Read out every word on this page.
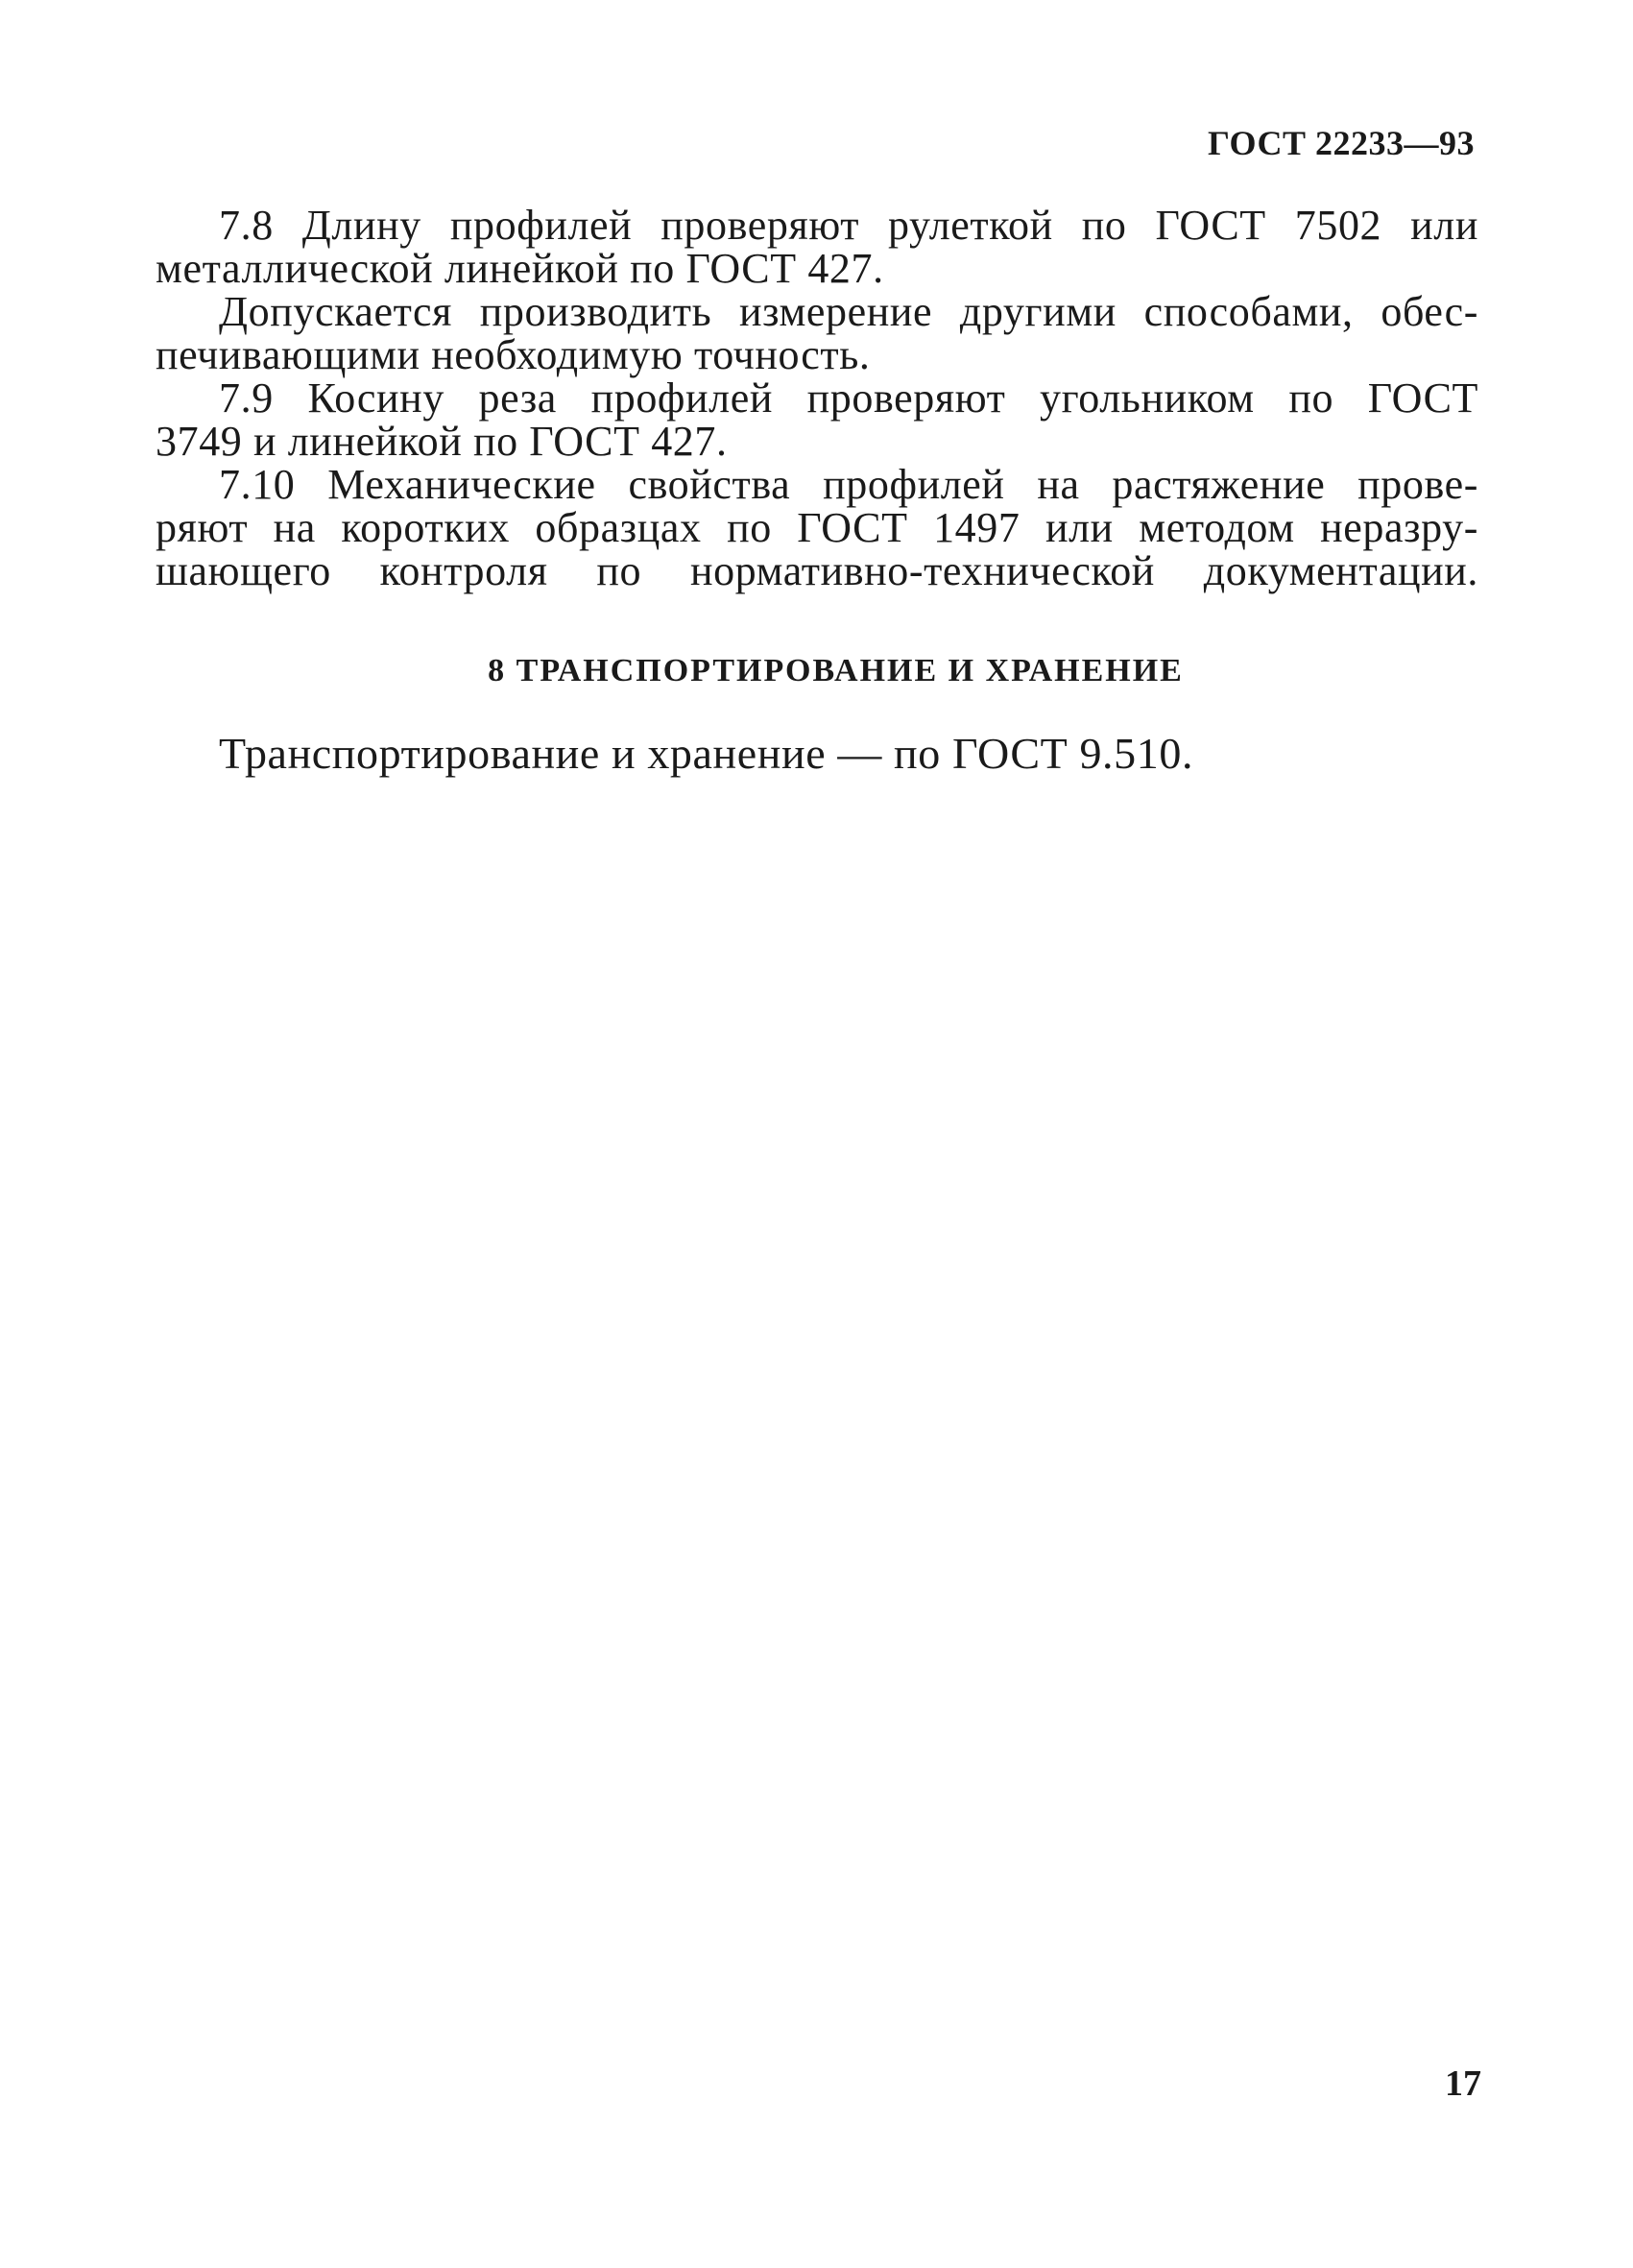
ГОСТ 22233—93

7.8 Длину профилей проверяют рулеткой по ГОСТ 7502 или
металлической линейкой по ГОСТ 427.

Допускается производить измерение другими способами, обес-
печивающими необходимую точность.

7.9 Косину реза профилей проверяют угольником по ГОСТ
3749 и линейкой по ГОСТ 427.

7.10 Механические свойства профилей на растяжение прове-
ряют на коротких образцах по ГОСТ 1497 или методом неразру-
шающего контроля по нормативно-технической документации.

8 ТРАНСПОРТИРОВАНИЕ И ХРАНЕНИЕ
Транспортирование и хранение — по ГОСТ 9.510.
17
